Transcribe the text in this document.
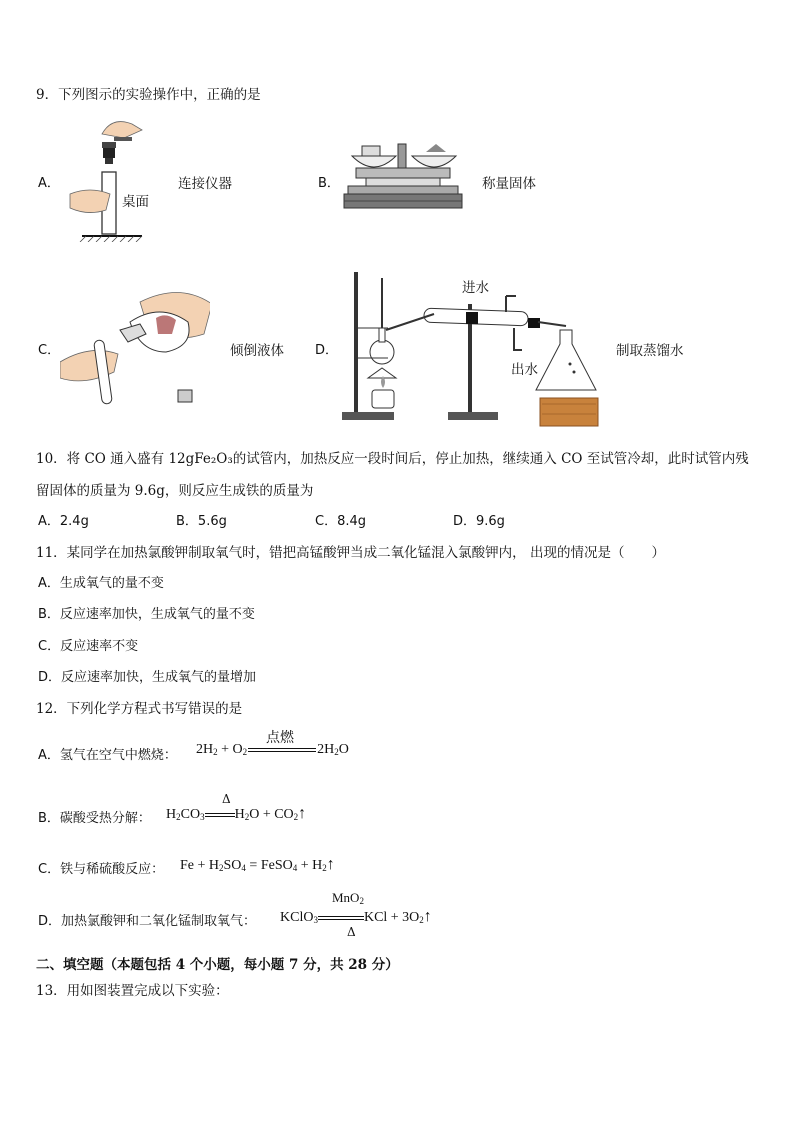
9．下列图示的实验操作中，正确的是
A．
桌面
连接仪器	B．	称量固体
C．	倾倒液体 D．
进水
出水
制取蒸馏水
10．将 CO 通入盛有 12gFe₂O₃的试管内，加热反应一段时间后，停止加热，继续通入 CO 至试管冷却，此时试管内残
留固体的质量为 9.6g，则反应生成铁的质量为
A．2.4g	B．5.6g	C．8.4g	D．9.6g
11．某同学在加热氯酸钾制取氧气时，错把高锰酸钾当成二氧化锰混入氯酸钾内， 出现的情况是（　　）
A．生成氧气的量不变
B．反应速率加快，生成氧气的量不变
C．反应速率不变
D．反应速率加快，生成氧气的量增加
12．下列化学方程式书写错误的是
A．氢气在空气中燃烧： $2H_2 + O_2$	$2H_2O$
点燃
B．碳酸受热分解： $H_2CO_3$ $H_2O$ + $CO_2↑$
Δ
C．铁与稀硫酸反应： $Fe + H_2SO_4$ = FeSO$_4$ + $H_2↑$
D．加热氯酸钾和二氧化锰制取氧气： KClO$_3$	KCl + $3O_2↑$
MnO$_2$
Δ
二、填空题（本题包括 4 个小题，每小题 7 分，共 28 分）
13．用如图装置完成以下实验：
